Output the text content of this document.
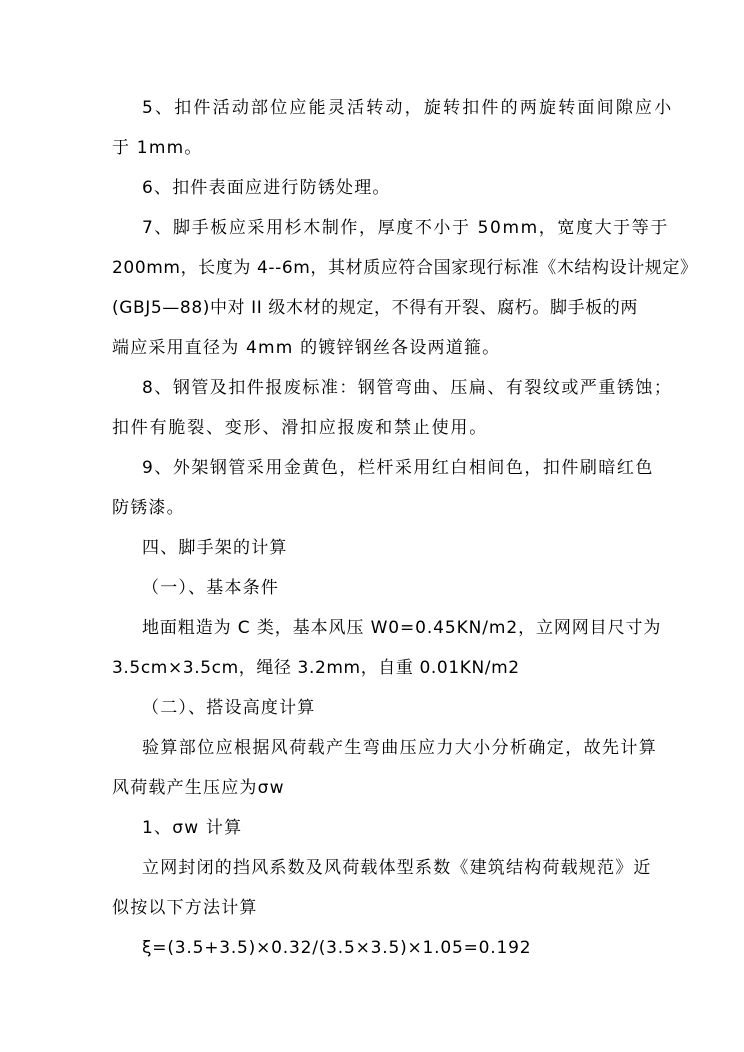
5、扣件活动部位应能灵活转动，旋转扣件的两旋转面间隙应小
于 1mm。
6、扣件表面应进行防锈处理。
7、脚手板应采用杉木制作，厚度不小于 50mm，宽度大于等于
200mm，长度为 4--6m，其材质应符合国家现行标准《木结构设计规定》
(GBJ5—88)中对 II 级木材的规定，不得有开裂、腐朽。脚手板的两
端应采用直径为 4mm 的镀锌钢丝各设两道箍。
8、钢管及扣件报废标准：钢管弯曲、压扁、有裂纹或严重锈蚀；
扣件有脆裂、变形、滑扣应报废和禁止使用。
9、外架钢管采用金黄色，栏杆采用红白相间色，扣件刷暗红色
防锈漆。
四、脚手架的计算
（一）、基本条件
地面粗造为 C 类，基本风压 W0=0.45KN/m2，立网网目尺寸为
3.5cm×3.5cm，绳径 3.2mm，自重 0.01KN/m2
（二）、搭设高度计算
验算部位应根据风荷载产生弯曲压应力大小分析确定，故先计算
风荷载产生压应为σw
1、σw 计算
立网封闭的挡风系数及风荷载体型系数《建筑结构荷载规范》近
似按以下方法计算
ξ=(3.5+3.5)×0.32/(3.5×3.5)×1.05=0.192
